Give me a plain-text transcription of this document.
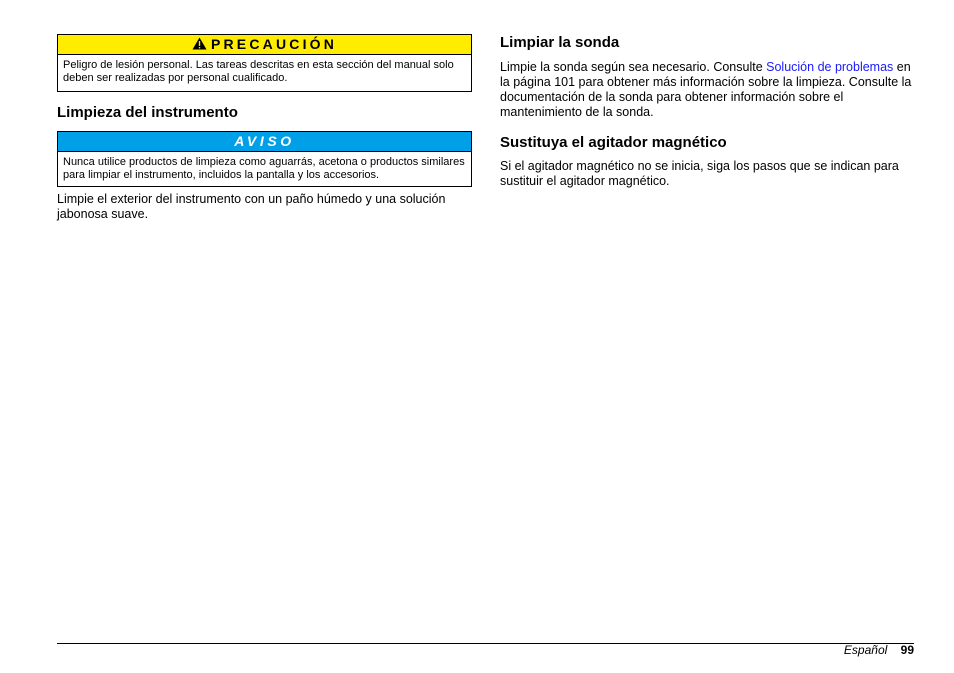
PRECAUCIÓN
Peligro de lesión personal. Las tareas descritas en esta sección del manual solo deben ser realizadas por personal cualificado.
Limpieza del instrumento
AVISO
Nunca utilice productos de limpieza como aguarrás, acetona o productos similares para limpiar el instrumento, incluidos la pantalla y los accesorios.

Limpie el exterior del instrumento con un paño húmedo y una solución jabonosa suave.

Limpiar la sonda

Limpie la sonda según sea necesario. Consulte Solución de problemas en la página 101 para obtener más información sobre la limpieza. Consulte la documentación de la sonda para obtener información sobre el mantenimiento de la sonda.

Sustituya el agitador magnético

Si el agitador magnético no se inicia, siga los pasos que se indican para sustituir el agitador magnético.

Español 99
